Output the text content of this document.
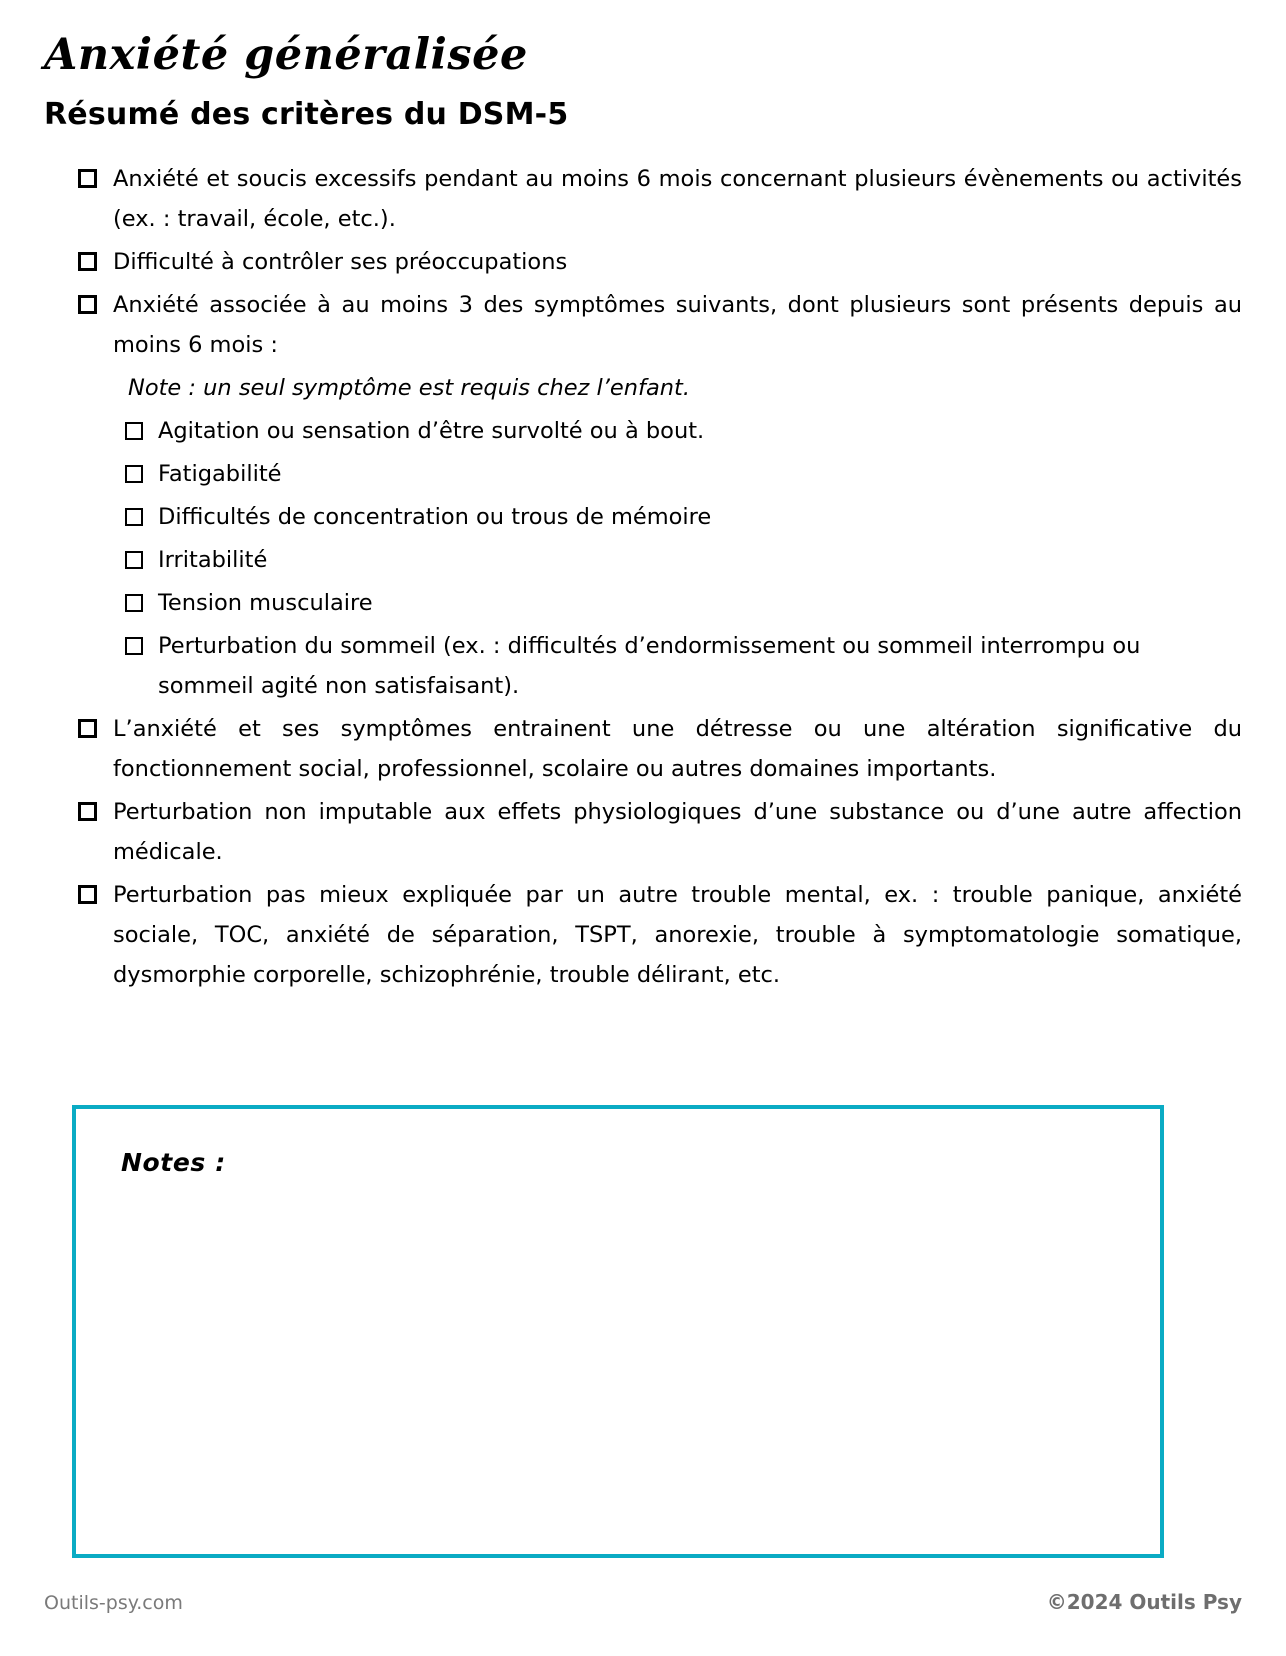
Anxiété généralisée
Résumé des critères du DSM-5
Anxiété et soucis excessifs pendant au moins 6 mois concernant plusieurs évènements ou activités (ex. : travail, école, etc.).
Difficulté à contrôler ses préoccupations
Anxiété associée à au moins 3 des symptômes suivants, dont plusieurs sont présents depuis au moins 6 mois :
Note : un seul symptôme est requis chez l’enfant.
Agitation ou sensation d’être survolté ou à bout.
Fatigabilité
Difficultés de concentration ou trous de mémoire
Irritabilité
Tension musculaire
Perturbation du sommeil (ex. : difficultés d’endormissement ou sommeil interrompu ou sommeil agité non satisfaisant).
L’anxiété et ses symptômes entrainent une détresse ou une altération significative du fonctionnement social, professionnel, scolaire ou autres domaines importants.
Perturbation non imputable aux effets physiologiques d’une substance ou d’une autre affection médicale.
Perturbation pas mieux expliquée par un autre trouble mental, ex. : trouble panique, anxiété sociale, TOC, anxiété de séparation, TSPT, anorexie, trouble à symptomatologie somatique, dysmorphie corporelle, schizophrénie, trouble délirant, etc.
Notes :
Outils-psy.com	©2024 Outils Psy
